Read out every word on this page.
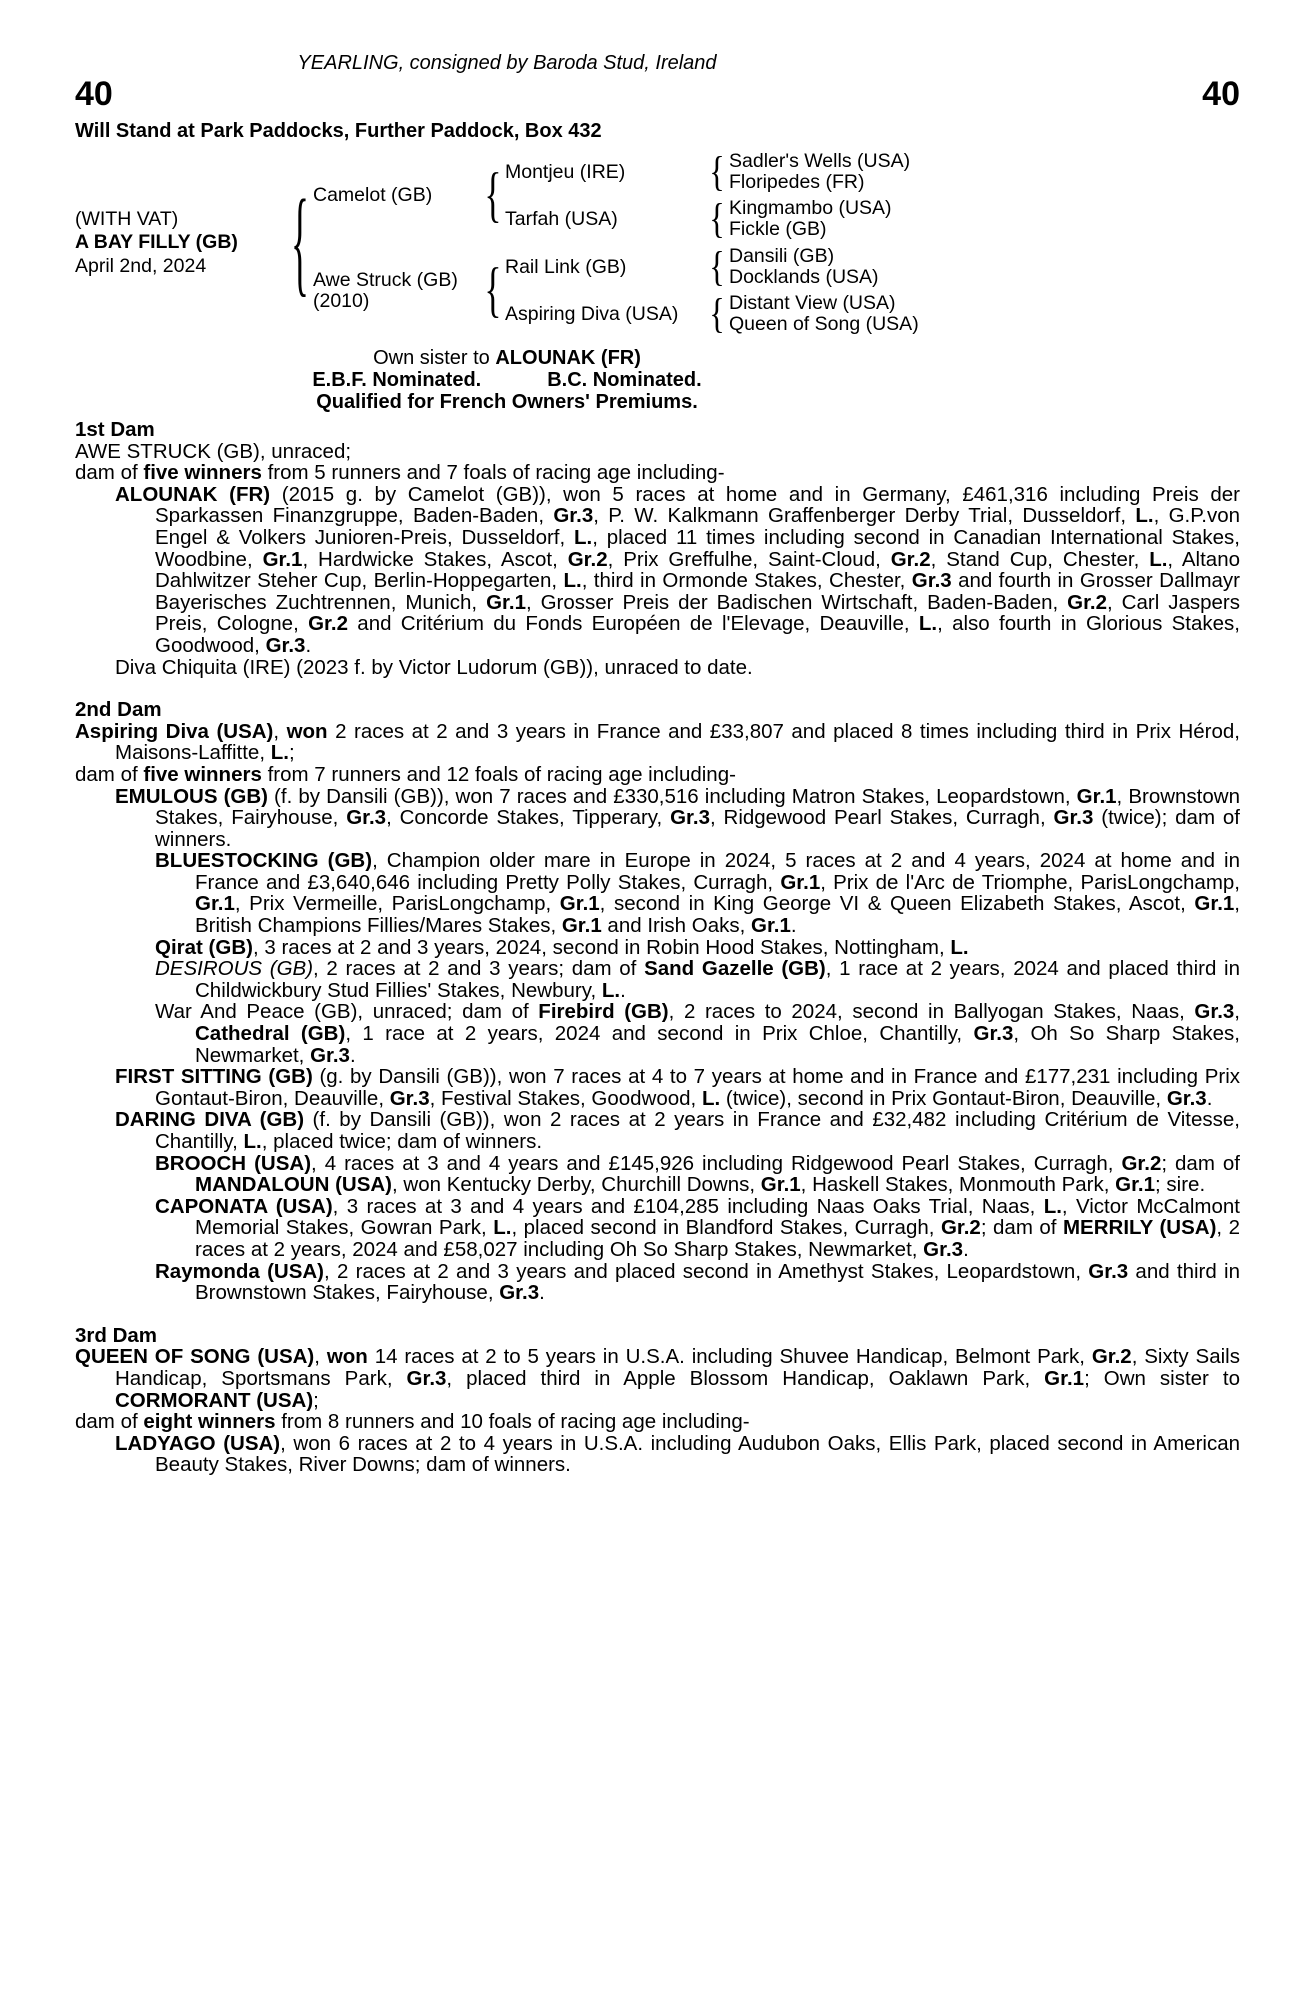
YEARLING, consigned by Baroda Stud, Ireland
40	40
Will Stand at Park Paddocks, Further Paddock, Box 432
(WITH VAT)
A BAY FILLY (GB)
April 2nd, 2024	{ Camelot (GB)	{ Montjeu (IRE)	{ Sadler's Wells (USA)
Floripedes (FR)
Tarfah (USA)	{ Kingmambo (USA)
Fickle (GB)
Awe Struck (GB)
(2010)	{ Rail Link (GB)	{ Dansili (GB)
Docklands (USA)
Aspiring Diva (USA) { Distant View (USA)
Queen of Song (USA)
Own sister to ALOUNAK (FR)
E.B.F. Nominated.	B.C. Nominated.
Qualified for French Owners' Premiums.
1st Dam
AWE STRUCK (GB), unraced;
dam of five winners from 5 runners and 7 foals of racing age including-
ALOUNAK (FR) (2015 g. by Camelot (GB)), won 5 races at home and in Germany, £461,316 including Preis der Sparkassen Finanzgruppe, Baden-Baden, Gr.3, P. W. Kalkmann Graffenberger Derby Trial, Dusseldorf, L., G.P.von Engel & Volkers Junioren-Preis, Dusseldorf, L., placed 11 times including second in Canadian International Stakes, Woodbine, Gr.1, Hardwicke Stakes, Ascot, Gr.2, Prix Greffulhe, Saint-Cloud, Gr.2, Stand Cup, Chester, L., Altano Dahlwitzer Steher Cup, Berlin-Hoppegarten, L., third in Ormonde Stakes, Chester, Gr.3 and fourth in Grosser Dallmayr Bayerisches Zuchtrennen, Munich, Gr.1, Grosser Preis der Badischen Wirtschaft, Baden-Baden, Gr.2, Carl Jaspers Preis, Cologne, Gr.2 and Critérium du Fonds Européen de l'Elevage, Deauville, L., also fourth in Glorious Stakes, Goodwood, Gr.3.
Diva Chiquita (IRE) (2023 f. by Victor Ludorum (GB)), unraced to date.
2nd Dam
Aspiring Diva (USA), won 2 races at 2 and 3 years in France and £33,807 and placed 8 times including third in Prix Hérod, Maisons-Laffitte, L.;
dam of five winners from 7 runners and 12 foals of racing age including-
EMULOUS (GB) (f. by Dansili (GB)), won 7 races and £330,516 including Matron Stakes, Leopardstown, Gr.1, Brownstown Stakes, Fairyhouse, Gr.3, Concorde Stakes, Tipperary, Gr.3, Ridgewood Pearl Stakes, Curragh, Gr.3 (twice); dam of winners.
BLUESTOCKING (GB), Champion older mare in Europe in 2024, 5 races at 2 and 4 years, 2024 at home and in France and £3,640,646 including Pretty Polly Stakes, Curragh, Gr.1, Prix de l'Arc de Triomphe, ParisLongchamp, Gr.1, Prix Vermeille, ParisLongchamp, Gr.1, second in King George VI & Queen Elizabeth Stakes, Ascot, Gr.1, British Champions Fillies/Mares Stakes, Gr.1 and Irish Oaks, Gr.1.
Qirat (GB), 3 races at 2 and 3 years, 2024, second in Robin Hood Stakes, Nottingham, L.
DESIROUS (GB), 2 races at 2 and 3 years; dam of Sand Gazelle (GB), 1 race at 2 years, 2024 and placed third in Childwickbury Stud Fillies' Stakes, Newbury, L..
War And Peace (GB), unraced; dam of Firebird (GB), 2 races to 2024, second in Ballyogan Stakes, Naas, Gr.3, Cathedral (GB), 1 race at 2 years, 2024 and second in Prix Chloe, Chantilly, Gr.3, Oh So Sharp Stakes, Newmarket, Gr.3.
FIRST SITTING (GB) (g. by Dansili (GB)), won 7 races at 4 to 7 years at home and in France and £177,231 including Prix Gontaut-Biron, Deauville, Gr.3, Festival Stakes, Goodwood, L. (twice), second in Prix Gontaut-Biron, Deauville, Gr.3.
DARING DIVA (GB) (f. by Dansili (GB)), won 2 races at 2 years in France and £32,482 including Critérium de Vitesse, Chantilly, L., placed twice; dam of winners.
BROOCH (USA), 4 races at 3 and 4 years and £145,926 including Ridgewood Pearl Stakes, Curragh, Gr.2; dam of MANDALOUN (USA), won Kentucky Derby, Churchill Downs, Gr.1, Haskell Stakes, Monmouth Park, Gr.1; sire.
CAPONATA (USA), 3 races at 3 and 4 years and £104,285 including Naas Oaks Trial, Naas, L., Victor McCalmont Memorial Stakes, Gowran Park, L., placed second in Blandford Stakes, Curragh, Gr.2; dam of MERRILY (USA), 2 races at 2 years, 2024 and £58,027 including Oh So Sharp Stakes, Newmarket, Gr.3.
Raymonda (USA), 2 races at 2 and 3 years and placed second in Amethyst Stakes, Leopardstown, Gr.3 and third in Brownstown Stakes, Fairyhouse, Gr.3.
3rd Dam
QUEEN OF SONG (USA), won 14 races at 2 to 5 years in U.S.A. including Shuvee Handicap, Belmont Park, Gr.2, Sixty Sails Handicap, Sportsmans Park, Gr.3, placed third in Apple Blossom Handicap, Oaklawn Park, Gr.1; Own sister to CORMORANT (USA);
dam of eight winners from 8 runners and 10 foals of racing age including-
LADYAGO (USA), won 6 races at 2 to 4 years in U.S.A. including Audubon Oaks, Ellis Park, placed second in American Beauty Stakes, River Downs; dam of winners.
